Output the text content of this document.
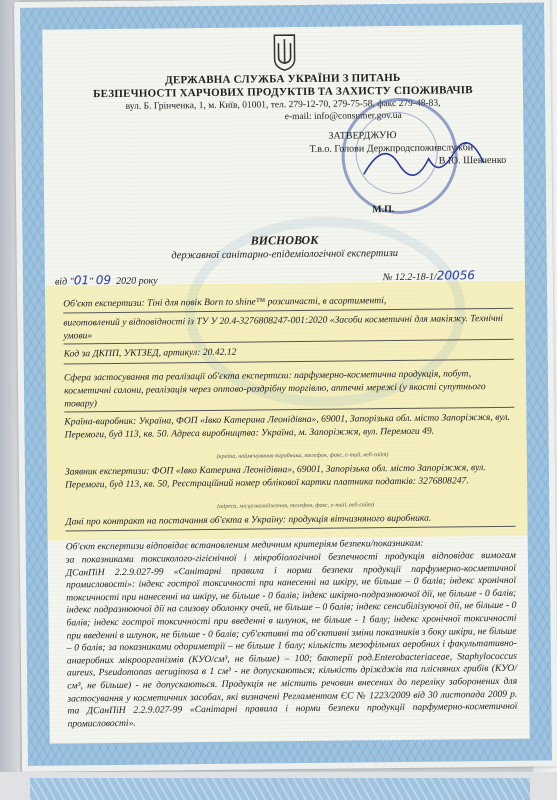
ДЕРЖАВНА СЛУЖБА УКРАЇНИ З ПИТАНЬ
БЕЗПЕЧНОСТІ ХАРЧОВИХ ПРОДУКТІВ ТА ЗАХИСТУ СПОЖИВАЧІВ
вул. Б. Грінченка, 1, м. Київ, 01001, тел. 279-12-70, 279-75-58, факс 279-48-83,
e-mail: info@consumer.gov.ua
ЗАТВЕРДЖУЮ
Т.в.о. Голови Держпродспоживслужби
В.Ю. Шевченко
М.П.
ВИСНОВОК
державної санітарно-епідеміологічної експертизи
від "01" 09 2020 року	№ 12.2-18-1/20056
Об'єкт експертизи: Тіні для повік Born to shine™ розсипчасті, в асортименті,
виготовлений у відповідності із ТУ У 20.4-3276808247-001:2020 «Засоби косметичні для макіяжу. Технічні умови»
Код за ДКПП, УКТЗЕД, артикул: 20.42.12
Сфера застосування та реалізації об'єкта експертизи: парфумерно-косметична продукція, побут, косметичні салони, реалізація через оптово-роздрібну торгівлю, аптечні мережі (у якості супутнього товару)
Країна-виробник: Україна, ФОП «Івко Катерина Леонідівна», 69001, Запорізька обл. місто Запоріжжя, вул. Перемоги, буд 113, кв. 50. Адреса виробництва: Україна, м. Запоріжжя, вул. Перемоги 49.
(країна, найменування виробника, телефон, факс, e-mail, веб-сайт)
Заявник експертизи: ФОП «Івко Катерина Леонідівна», 69001, Запорізька обл. місто Запоріжжя, вул. Перемоги, буд 113, кв. 50, Реєстраційний номер облікової картки платника податків: 3276808247.
(адреса, місцезнаходження, телефон, факс, e-mail, веб-сайт)
Дані про контракт на постачання об'єкта в Україну: продукція вітчизняного виробника.
Об'єкт експертизи відповідає встановленим медичним критеріям безпеки/показникам:
за показниками токсиколого-гігієнічної і мікробіологічної безпечності продукція відповідає вимогам ДСанПіН 2.2.9.027-99 «Санітарні правила і норми безпеки продукції парфумерно-косметичної промисловості»: індекс гострої токсичності при нанесенні на шкіру, не більше – 0 балів; індекс хронічної токсичності при нанесенні на шкіру, не більше - 0 балів; індекс шкірно-подразнюючої дії, не більше - 0 балів; індекс подразнюючої дії на слизову оболонку очей, не більше – 0 балів; індекс сенсибілізуючої дії, не більше - 0 балів; індекс гострої токсичності при введенні в шлунок, не більше - 1 балу; індекс хронічної токсичності при введенні в шлунок, не більше - 0 балів; суб'єктивні та об'єктивні зміни показників з боку шкіри, не більше – 0 балів; за показниками одориметрії – не більше 1 балу; кількість мезофільних аеробних і факультативно-анаеробних мікроорганізмів (КУО/см³, не більше) – 100; бактерії род.Enterobacteriaceae, Staphylococcus aureus, Pseudomonas aeruginosa в 1 см³ - не допускаються; кількість дріжджів та плісняних грибів (КУО/ см³, не більше) - не допускаються. Продукція не містить речовин внесених до переліку заборонених для застосування у косметичних засобах, які визначені Регламентом ЄС № 1223/2009 від 30 листопада 2009 р. та ДСанПіН 2.2.9.027-99 «Санітарні правила і норми безпеки продукції парфумерно-косметичної промисловості».
